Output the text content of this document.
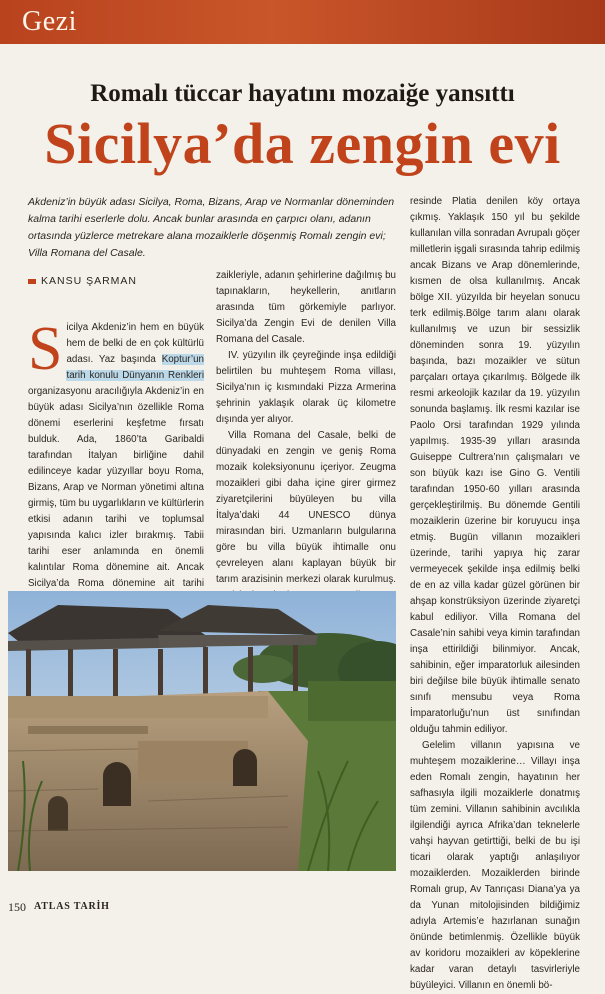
Gezi
Romalı tüccar hayatını mozaiğe yansıttı
Sicilya’da zengin evi
Akdeniz’in büyük adası Sicilya, Roma, Bizans, Arap ve Normanlar döneminden kalma tarihi eserlerle dolu. Ancak bunlar arasında en çarpıcı olanı, adanın ortasında yüzlerce metrekare alana mozaiklerle döşenmiş Romalı zengin evi; Villa Romana del Casale.
KANSU ŞARMAN

Sicilya Akdeniz’in hem en büyük hem de belki de en çok kültürlü adası. Yaz başında Koptur’un tarih konulu Dünyanın Renkleri organizasyonu aracılığıyla Akdeniz’in en büyük adası Sicilya’nın özellikle Roma dönemi eserlerini keşfetme fırsatı bulduk. Ada, 1860’ta Garibaldi tarafından İtalyan birliğine dahil edilinceye kadar yüzyıllar boyu Roma, Bizans, Arap ve Norman yönetimi altına girmiş, tüm bu uygarlıkların ve kültürlerin etkisi adanın tarihi ve toplumsal yapısında kalıcı izler bırakmış. Tabii tarihi eser anlamında en önemli kalıntılar Roma dönemine ait. Ancak Sicilya’da Roma dönemine ait tarihi

zaikleriyle, adanın şehirlerine dağılmış bu tapınakların, heykellerin, anıtların arasında tüm görkemiyle parlıyor. Sicilya’da Zengin Evi de denilen Villa Romana del Casale.

IV. yüzyılın ilk çeyreğinde inşa edildiği belirtilen bu muhteşem Roma villası, Sicilya’nın iç kısmındaki Pizza Armerina şehrinin yaklaşık olarak üç kilometre dışında yer alıyor.

Villa Romana del Casale, belki de dünyadaki en zengin ve geniş Roma mozaik koleksiyonunu içeriyor. Zeugma mozaikleri gibi daha içine girer girmez ziyaretçilerini büyüleyen bu villa İtalya’daki 44 UNESCO dünya mirasından biri. Uzmanların bulgularına göre bu villa büyük ihtimalle onu çevreleyen alanı kaplayan büyük bir tarım arazisinin merkezi olarak kurulmuş.

resinde Platia denilen köy ortaya çıkmış. Yaklaşık 150 yıl bu şekilde kullanılan villa sonradan Avrupalı göçer milletlerin işgali sırasında tahrip edilmiş ancak Bizans ve Arap dönemlerinde, kısmen de olsa kullanılmış. Ancak bölge XII. yüzyılda bir heyelan sonucu terk edilmiş.Bölge tarım alanı olarak kullanılmış ve uzun bir sessizlik döneminden sonra 19. yüzyılın başında, bazı mozaikler ve sütun parçaları ortaya çıkarılmış. Bölgede ilk resmi arkeolojik kazılar da 19. yüzyılın sonunda başlamış. İlk resmi kazılar ise Paolo Orsi tarafından 1929 yılında yapılmış. 1935-39 yılları arasında Guiseppe Cultrera’nın çalışmaları ve son büyük kazı ise Gino G. Ventili tarafından 1950-60 yılları arasında gerçekleştirilmiş. Bu dönemde Gentili mozaiklerin üzerine bir koruyucu inşa etmiş. Bugün villanın mozaikleri üzerinde, tarihi yapıya hiç zarar vermeyecek şekilde inşa edilmiş belki de en az villa kadar güzel görünen bir ahşap konstrüksiyon üzerinde ziyaretçi kabul ediliyor. Villa Romana del Casale’nin sahibi veya kimin tarafından inşa ettirildiği bilinmiyor. Ancak, sahibinin, eğer imparatorluk ailesinden biri değilse bile büyük ihtimalle senato sınıfı mensubu veya Roma İmparatorluğu’nun üst sınıfından olduğu tahmin ediliyor.

Gelelim villanın yapısına ve muhteşem mozaiklerine… Villayı inşa eden Romalı zengin, hayatının her safhasıyla ilgili mozaiklerle donatmış tüm zemini. Villanın sahibinin avcılıkla ilgilendiği ayrıca Afrika’dan teknelerle vahşi hayvan getirttiği, belki de bu işi ticari olarak yaptığı anlaşılıyor mozaiklerden. Mozaiklerden birinde Romalı grup, Av Tanrıçası Diana’ya ya da Yunan mitolojisinden bildiğimiz adıyla Artemis’e hazırlanan sunağın önünde betimlenmiş. Özellikle büyük av koridoru mozaikleri av köpeklerine kadar varan detaylı tasvirleriyle büyüleyici. Villanın en önemli bö-

150 ATLAS TARİH
